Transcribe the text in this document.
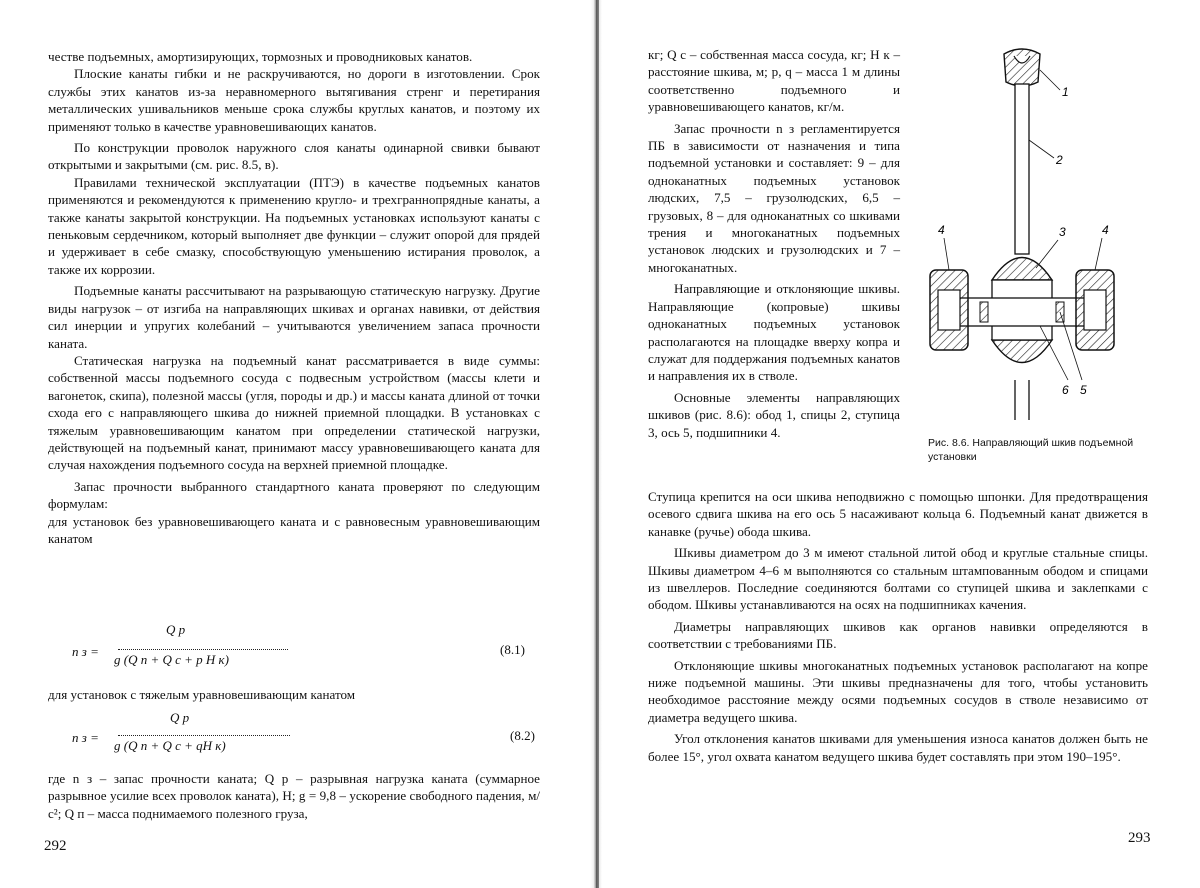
честве подъемных, амортизирующих, тормозных и проводниковых канатов.

Плоские канаты гибки и не раскручиваются, но дороги в изготовлении. Срок службы этих канатов из-за неравномерного вытягивания стренг и перетирания металлических ушивальников меньше срока службы круглых канатов, и поэтому их применяют только в качестве уравновешивающих канатов.

По конструкции проволок наружного слоя канаты одинарной свивки бывают открытыми и закрытыми (см. рис. 8.5, в).

Правилами технической эксплуатации (ПТЭ) в качестве подъемных канатов применяются и рекомендуются к применению кругло- и трехграннопрядные канаты, а также канаты закрытой конструкции. На подъемных установках используют канаты с пеньковым сердечником, который выполняет две функции – служит опорой для прядей и удерживает в себе смазку, способствующую уменьшению истирания проволок, а также их коррозии.

Подъемные канаты рассчитывают на разрывающую статическую нагрузку. Другие виды нагрузок – от изгиба на направляющих шкивах и органах навивки, от действия сил инерции и упругих колебаний – учитываются увеличением запаса прочности каната.

Статическая нагрузка на подъемный канат рассматривается в виде суммы: собственной массы подъемного сосуда с подвесным устройством (массы клети и вагонеток, скипа), полезной массы (угля, породы и др.) и массы каната длиной от точки схода его с направляющего шкива до нижней приемной площадки. В установках с тяжелым уравновешивающим канатом при определении статической нагрузки, действующей на подъемный канат, принимают массу уравновешивающего каната для случая нахождения подъемного сосуда на верхней приемной площадке.

Запас прочности выбранного стандартного каната проверяют по следующим формулам:

для установок без уравновешивающего каната и с равновесным уравновешивающим канатом

n з =
Q р
g (Q п + Q с + p H к)
(8.1)

для установок с тяжелым уравновешивающим канатом

n з =
Q р
g (Q п + Q с + qH к)
(8.2)

где n з – запас прочности каната; Q р – разрывная нагрузка каната (суммарное разрывное усилие всех проволок каната), Н; g = 9,8 – ускорение свободного падения, м/с²; Q п – масса поднимаемого полезного груза,

292

кг; Q с – собственная масса сосуда, кг; H к – расстояние шкива, м; p, q – масса 1 м длины соответственно подъемного и уравновешивающего канатов, кг/м.

Запас прочности n з регламентируется ПБ в зависимости от назначения и типа подъемной установки и составляет: 9 – для одноканатных подъемных установок людских, 7,5 – грузолюдских, 6,5 – грузовых, 8 – для одноканатных со шкивами трения и многоканатных подъемных установок людских и грузолюдских и 7 – многоканатных.

Направляющие и отклоняющие шкивы. Направляющие (копровые) шкивы одноканатных подъемных установок располагаются на площадке вверху копра и служат для поддержания подъемных канатов и направления их в стволе.

Основные элементы направляющих шкивов (рис. 8.6): обод 1, спицы 2, ступица 3, ось 5, подшипники 4.

1
2
3
4	4
5
6
Рис. 8.6. Направляющий шкив подъемной установки

Ступица крепится на оси шкива неподвижно с помощью шпонки. Для предотвращения осевого сдвига шкива на его ось 5 насаживают кольца 6. Подъемный канат движется в канавке (ручье) обода шкива.

Шкивы диаметром до 3 м имеют стальной литой обод и круглые стальные спицы. Шкивы диаметром 4–6 м выполняются со стальным штампованным ободом и спицами из швеллеров. Последние соединяются болтами со ступицей шкива и заклепками с ободом. Шкивы устанавливаются на осях на подшипниках качения.

Диаметры направляющих шкивов как органов навивки определяются в соответствии с требованиями ПБ.

Отклоняющие шкивы многоканатных подъемных установок располагают на копре ниже подъемной машины. Эти шкивы предназначены для того, чтобы установить необходимое расстояние между осями подъемных сосудов в стволе независимо от диаметра ведущего шкива.

Угол отклонения канатов шкивами для уменьшения износа канатов должен быть не более 15°, угол охвата канатом ведущего шкива будет составлять при этом 190–195°.

293
